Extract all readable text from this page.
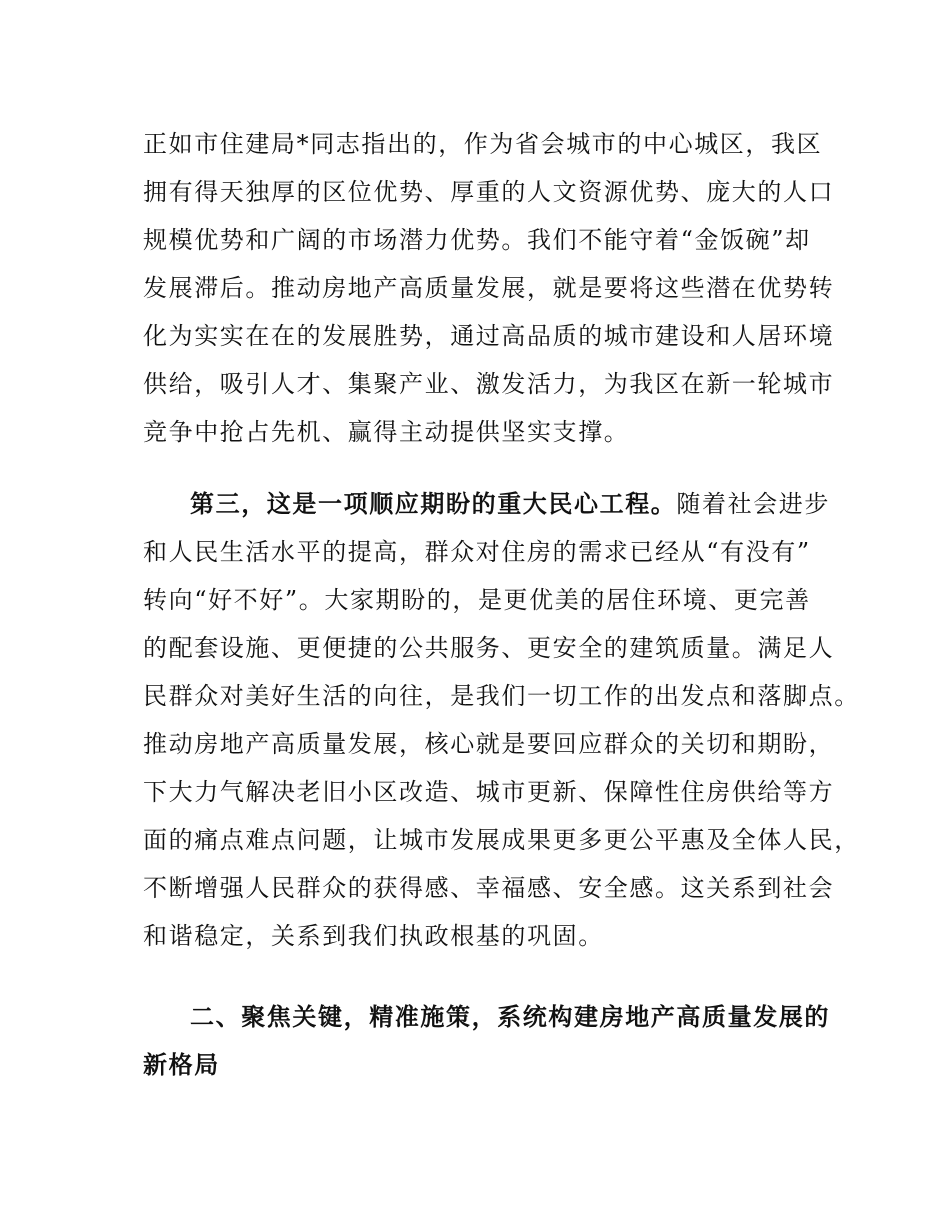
正如市住建局*同志指出的，作为省会城市的中心城区，我区
拥有得天独厚的区位优势、厚重的人文资源优势、庞大的人口
规模优势和广阔的市场潜力优势。我们不能守着“金饭碗”却
发展滞后。推动房地产高质量发展，就是要将这些潜在优势转
化为实实在在的发展胜势，通过高品质的城市建设和人居环境
供给，吸引人才、集聚产业、激发活力，为我区在新一轮城市
竞争中抢占先机、赢得主动提供坚实支撑。
第三，这是一项顺应期盼的重大民心工程。随着社会进步
和人民生活水平的提高，群众对住房的需求已经从“有没有”
转向“好不好”。大家期盼的，是更优美的居住环境、更完善
的配套设施、更便捷的公共服务、更安全的建筑质量。满足人
民群众对美好生活的向往，是我们一切工作的出发点和落脚点。
推动房地产高质量发展，核心就是要回应群众的关切和期盼，
下大力气解决老旧小区改造、城市更新、保障性住房供给等方
面的痛点难点问题，让城市发展成果更多更公平惠及全体人民，
不断增强人民群众的获得感、幸福感、安全感。这关系到社会
和谐稳定，关系到我们执政根基的巩固。
二、聚焦关键，精准施策，系统构建房地产高质量发展的
新格局
